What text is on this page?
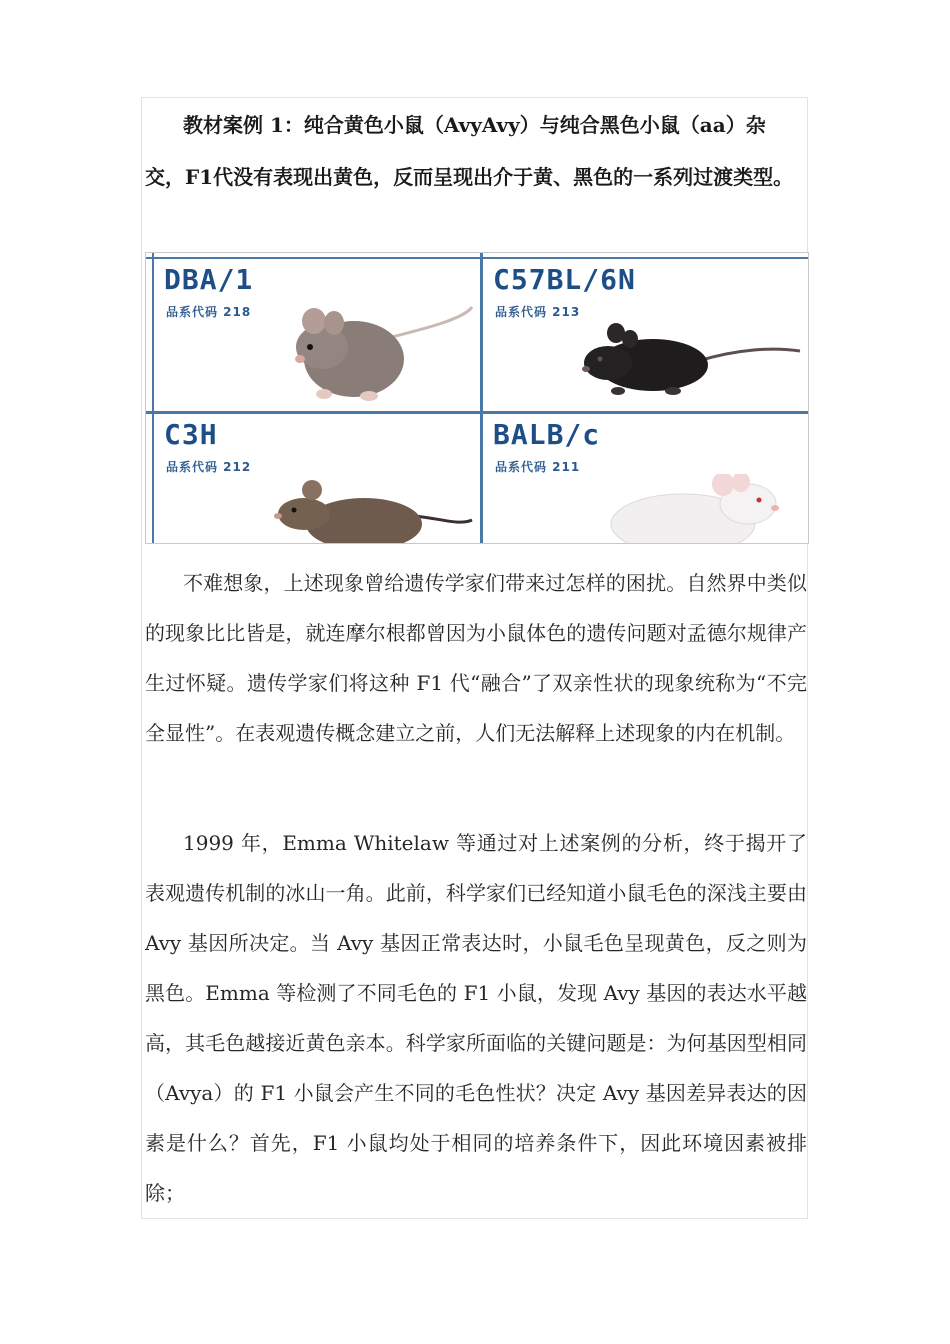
教材案例 1：纯合黄色小鼠（AvyAvy）与纯合黑色小鼠（aa）杂交，F1代没有表现出黄色，反而呈现出介于黄、黑色的一系列过渡类型。

DBA/1
品系代码 218
C57BL/6N
品系代码 213
C3H
品系代码 212
BALB/c
品系代码 211

不难想象，上述现象曾给遗传学家们带来过怎样的困扰。自然界中类似的现象比比皆是，就连摩尔根都曾因为小鼠体色的遗传问题对孟德尔规律产生过怀疑。遗传学家们将这种 F1 代“融合”了双亲性状的现象统称为“不完全显性”。在表观遗传概念建立之前，人们无法解释上述现象的内在机制。

1999 年，Emma Whitelaw 等通过对上述案例的分析，终于揭开了表观遗传机制的冰山一角。此前，科学家们已经知道小鼠毛色的深浅主要由 Avy 基因所决定。当 Avy 基因正常表达时，小鼠毛色呈现黄色，反之则为黑色。Emma 等检测了不同毛色的 F1 小鼠，发现 Avy 基因的表达水平越高，其毛色越接近黄色亲本。科学家所面临的关键问题是：为何基因型相同（Avya）的 F1 小鼠会产生不同的毛色性状？决定 Avy 基因差异表达的因素是什么？首先，F1 小鼠均处于相同的培养条件下，因此环境因素被排除；
